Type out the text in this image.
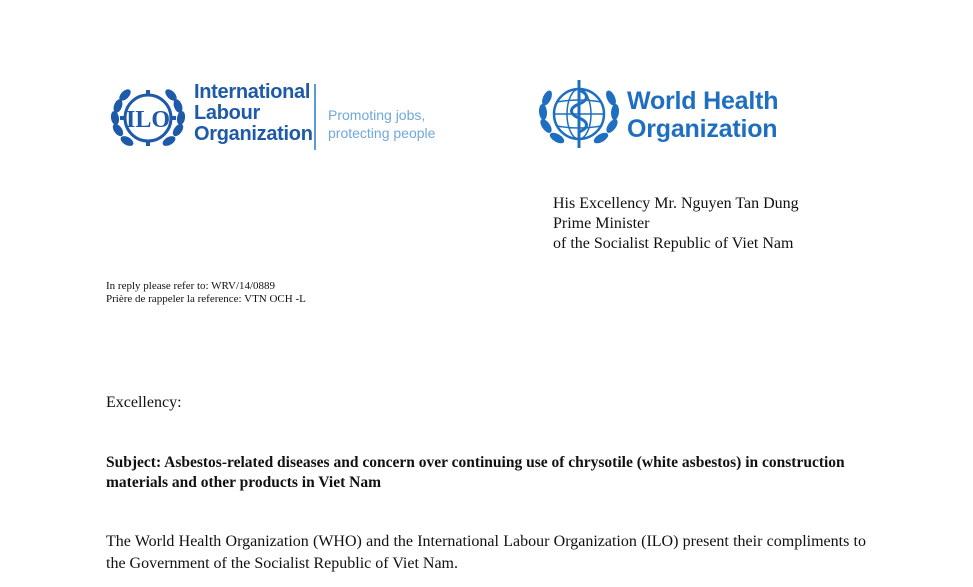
ILO
International
Labour
Organization
Promoting jobs,
protecting people
World Health
Organization
His Excellency Mr. Nguyen Tan Dung
Prime Minister
of the Socialist Republic of Viet Nam
In reply please refer to: WRV/14/0889
Prière de rappeler la reference: VTN OCH -L
Excellency:
Subject: Asbestos-related diseases and concern over continuing use of chrysotile (white asbestos) in construction materials and other products in Viet Nam
The World Health Organization (WHO) and the International Labour Organization (ILO) present their compliments to the Government of the Socialist Republic of Viet Nam.
